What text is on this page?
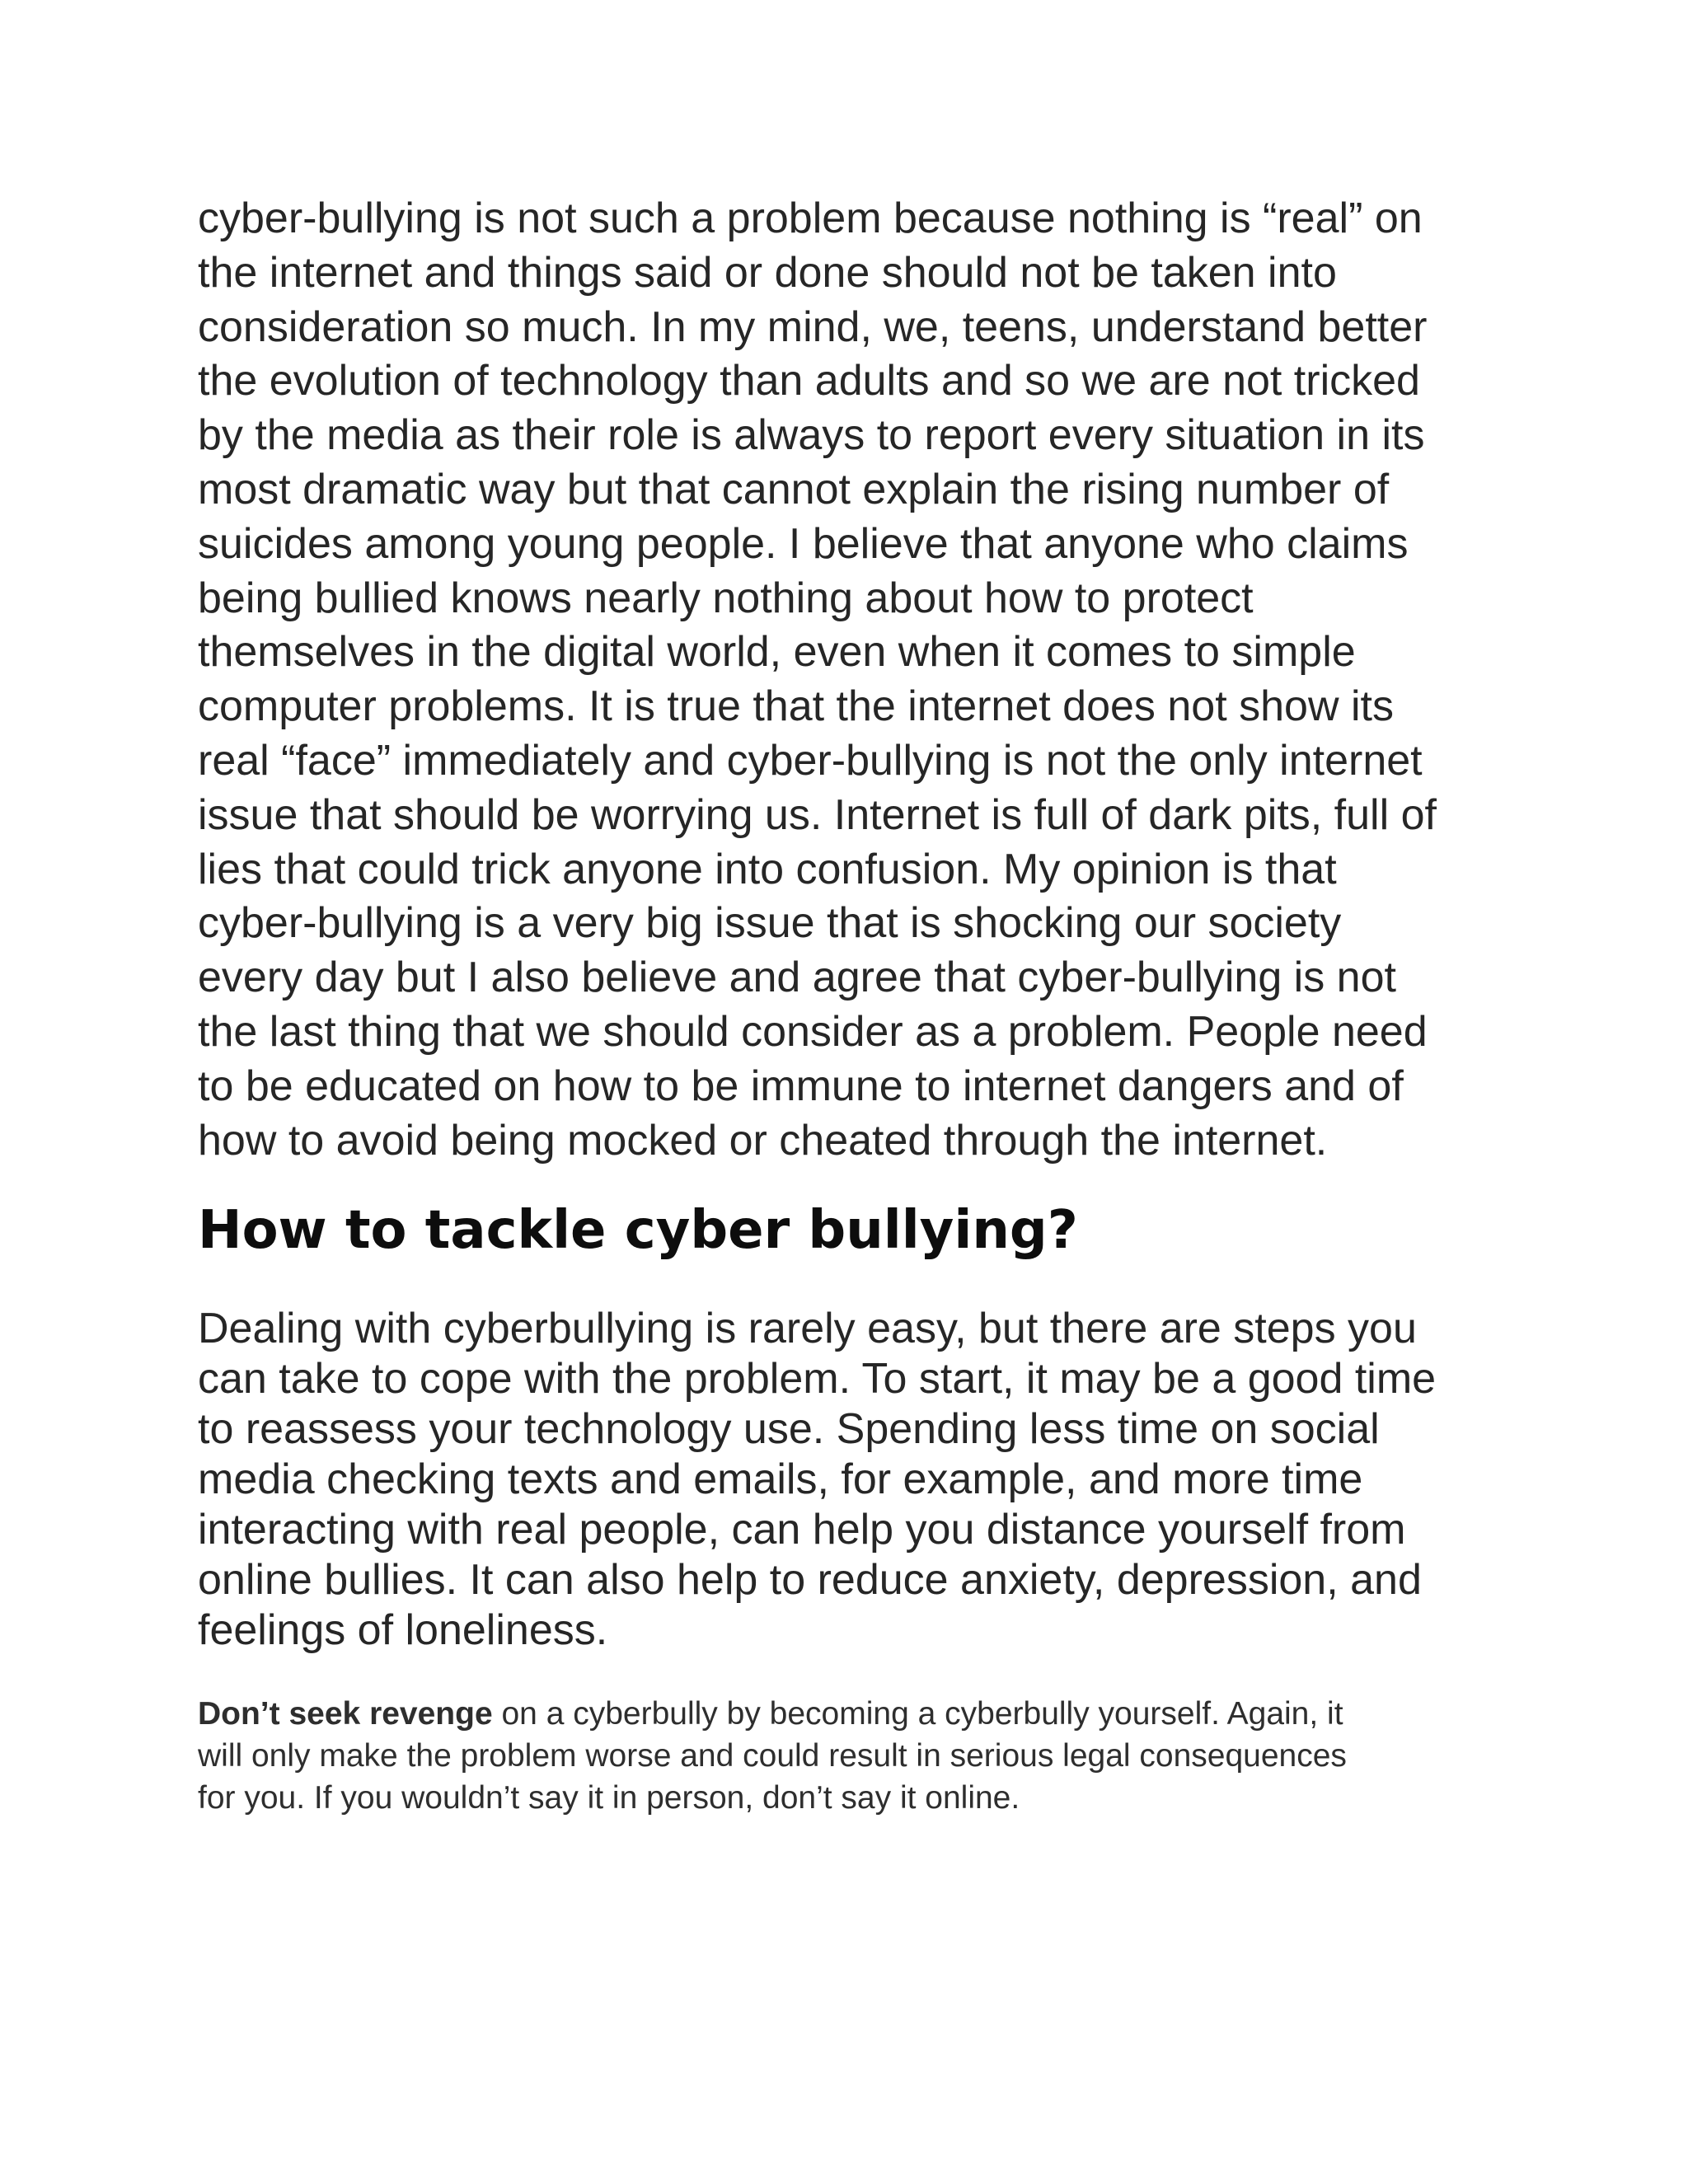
cyber-bullying is not such a problem because nothing is “real” on
the internet and things said or done should not be taken into
consideration so much. In my mind, we, teens, understand better
the evolution of technology than adults and so we are not tricked
by the media as their role is always to report every situation in its
most dramatic way but that cannot explain the rising number of
suicides among young people. I believe that anyone who claims
being bullied knows nearly nothing about how to protect
themselves in the digital world, even when it comes to simple
computer problems. It is true that the internet does not show its
real “face” immediately and cyber-bullying is not the only internet
issue that should be worrying us. Internet is full of dark pits, full of
lies that could trick anyone into confusion. My opinion is that
cyber-bullying is a very big issue that is shocking our society
every day but I also believe and agree that cyber-bullying is not
the last thing that we should consider as a problem. People need
to be educated on how to be immune to internet dangers and of
how to avoid being mocked or cheated through the internet.

How to tackle cyber bullying?

Dealing with cyberbullying is rarely easy, but there are steps you
can take to cope with the problem. To start, it may be a good time
to reassess your technology use. Spending less time on social
media checking texts and emails, for example, and more time
interacting with real people, can help you distance yourself from
online bullies. It can also help to reduce anxiety, depression, and
feelings of loneliness.

Don’t seek revenge on a cyberbully by becoming a cyberbully yourself. Again, it
will only make the problem worse and could result in serious legal consequences
for you. If you wouldn’t say it in person, don’t say it online.
